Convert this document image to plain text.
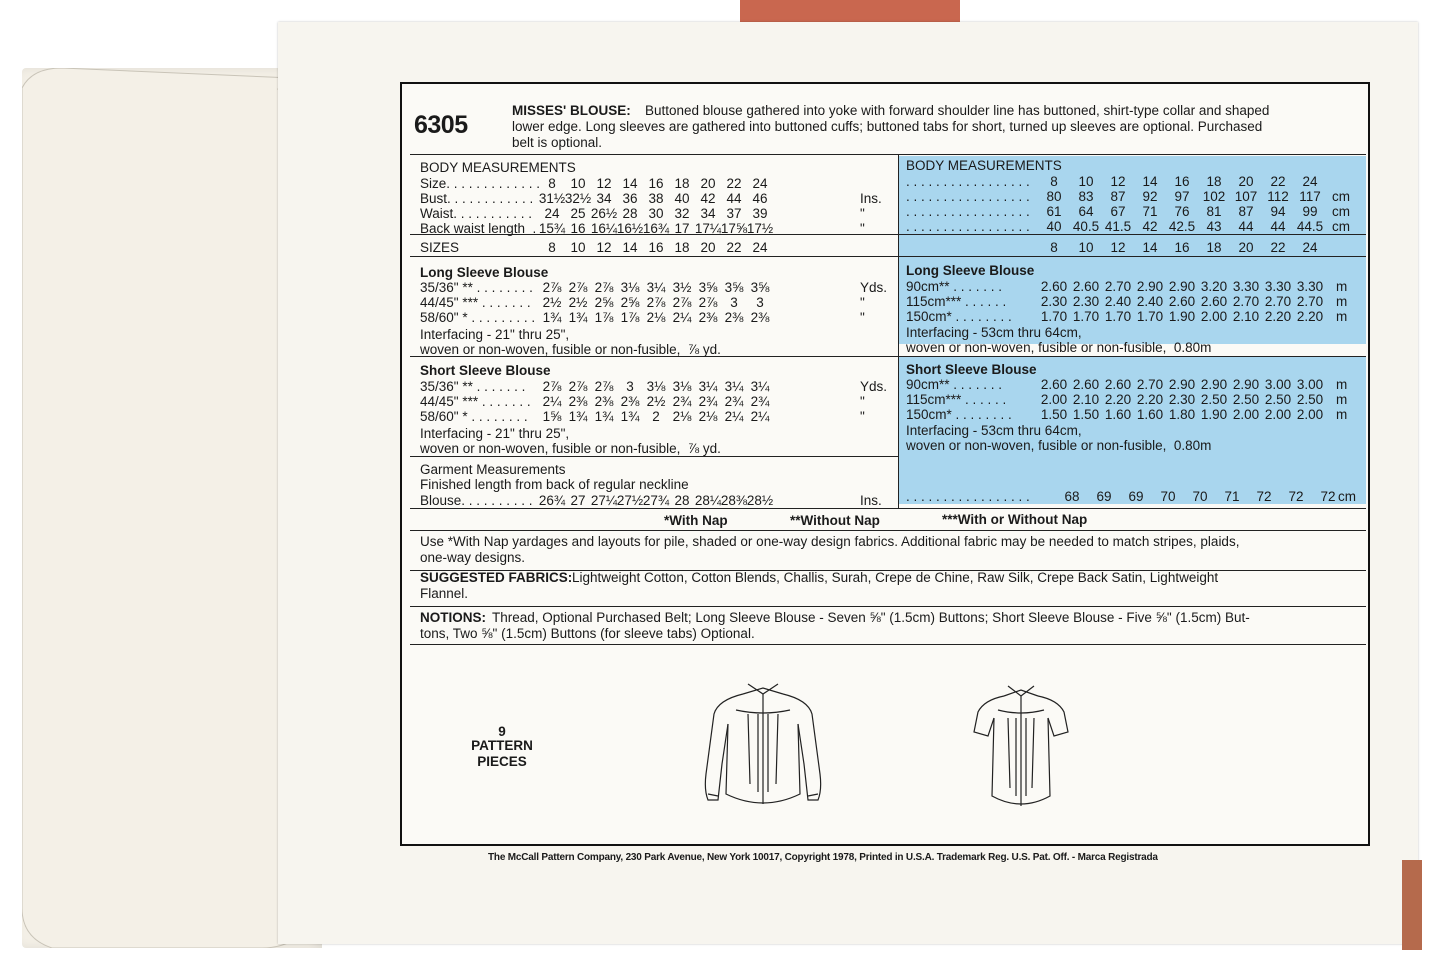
6305
MISSES' BLOUSE: Buttoned blouse gathered into yoke with forward shoulder line has buttoned, shirt-type collar and shaped
lower edge. Long sleeves are gathered into buttoned cuffs; buttoned tabs for short, turned up sleeves are optional. Purchased
belt is optional.
BODY MEASUREMENTS
Size. . . . . . . . . . . . . 8	10 12 14 16 18 20 22 24
Bust. . . . . . . . . . . . 31½ 32½ 34 36 38 40 42 44 46	Ins.
Waist. . . . . . . . . . . 24 25 26½ 28 30 32 34 37 39	"
Back waist length  . 15¾ 16 16¼ 16½ 16¾ 17 17¼ 17⅝ 17½	"
SIZES	8	10 12 14 16 18 20 22 24
Long Sleeve Blouse
35/36" ** . . . . . . . . 2⅞ 2⅞ 2⅞ 3⅛ 3¼ 3½ 3⅝ 3⅝ 3⅝	Yds.
44/45" *** . . . . . . . 2½ 2½ 2⅝ 2⅝ 2⅞ 2⅞ 2⅞ 3	3	"
58/60" * . . . . . . . . . 1¾ 1¾ 1⅞ 1⅞ 2⅛ 2¼ 2⅜ 2⅜ 2⅜	"
Interfacing - 21" thru 25",
woven or non-woven, fusible or non-fusible,  ⅞ yd.
Short Sleeve Blouse
35/36" ** . . . . . . .	2⅞ 2⅞ 2⅞ 3 3⅛ 3⅛ 3¼ 3¼ 3¼	Yds.
44/45" *** . . . . . . . 2¼ 2⅜ 2⅜ 2⅜ 2½ 2¾ 2¾ 2¾ 2¾	"
58/60" * . . . . . . . .	1⅝ 1¾ 1¾ 1¾ 2 2⅛ 2⅛ 2¼ 2¼	"
Interfacing - 21" thru 25",
woven or non-woven, fusible or non-fusible,  ⅞ yd.
Garment Measurements
Finished length from back of regular neckline
Blouse. . . . . . . . . . 26¾ 27 27¼ 27½ 27¾ 28 28¼ 28⅜ 28½	Ins.
BODY MEASUREMENTS
. . . . . . . . . . . . . . . . .	8	10	12	14	16	18	20	22	24
. . . . . . . . . . . . . . . . .	80	83	87	92	97 102 107 112 117 cm
. . . . . . . . . . . . . . . . .	61	64	67	71	76	81	87	94	99	cm
. . . . . . . . . . . . . . . . .	40 40.5 41.5 42 42.5 43	44	44 44.5 cm
8	10	12	14	16	18	20	22	24
Long Sleeve Blouse
90cm** . . . . . . .	2.60 2.60 2.70 2.90 2.90 3.20 3.30 3.30 3.30 m
115cm*** . . . . . .	2.30 2.30 2.40 2.40 2.60 2.60 2.70 2.70 2.70 m
150cm* . . . . . . . . 1.70 1.70 1.70 1.70 1.90 2.00 2.10 2.20 2.20 m
Interfacing - 53cm thru 64cm,
woven or non-woven, fusible or non-fusible,  0.80m
Short Sleeve Blouse
90cm** . . . . . . .	2.60 2.60 2.60 2.70 2.90 2.90 2.90 3.00 3.00 m
115cm*** . . . . . .	2.00 2.10 2.20 2.20 2.30 2.50 2.50 2.50 2.50 m
150cm* . . . . . . . . 1.50 1.50 1.60 1.60 1.80 1.90 2.00 2.00 2.00 m
Interfacing - 53cm thru 64cm,
woven or non-woven, fusible or non-fusible,  0.80m
. . . . . . . . . . . . . . . . .	68	69	69	70	70	71	72	72	72 cm
*With Nap	**Without Nap	***With or Without Nap
Use *With Nap yardages and layouts for pile, shaded or one-way design fabrics. Additional fabric may be needed to match stripes, plaids,
one-way designs.
SUGGESTED FABRICS: Lightweight Cotton, Cotton Blends, Challis, Surah, Crepe de Chine, Raw Silk, Crepe Back Satin, Lightweight
Flannel.
NOTIONS: Thread, Optional Purchased Belt; Long Sleeve Blouse - Seven ⅝" (1.5cm) Buttons; Short Sleeve Blouse - Five ⅝" (1.5cm) But-
tons, Two ⅝" (1.5cm) Buttons (for sleeve tabs) Optional.
9
PATTERN
PIECES
The McCall Pattern Company, 230 Park Avenue, New York 10017, Copyright 1978, Printed in U.S.A. Trademark Reg. U.S. Pat. Off. - Marca Registrada
